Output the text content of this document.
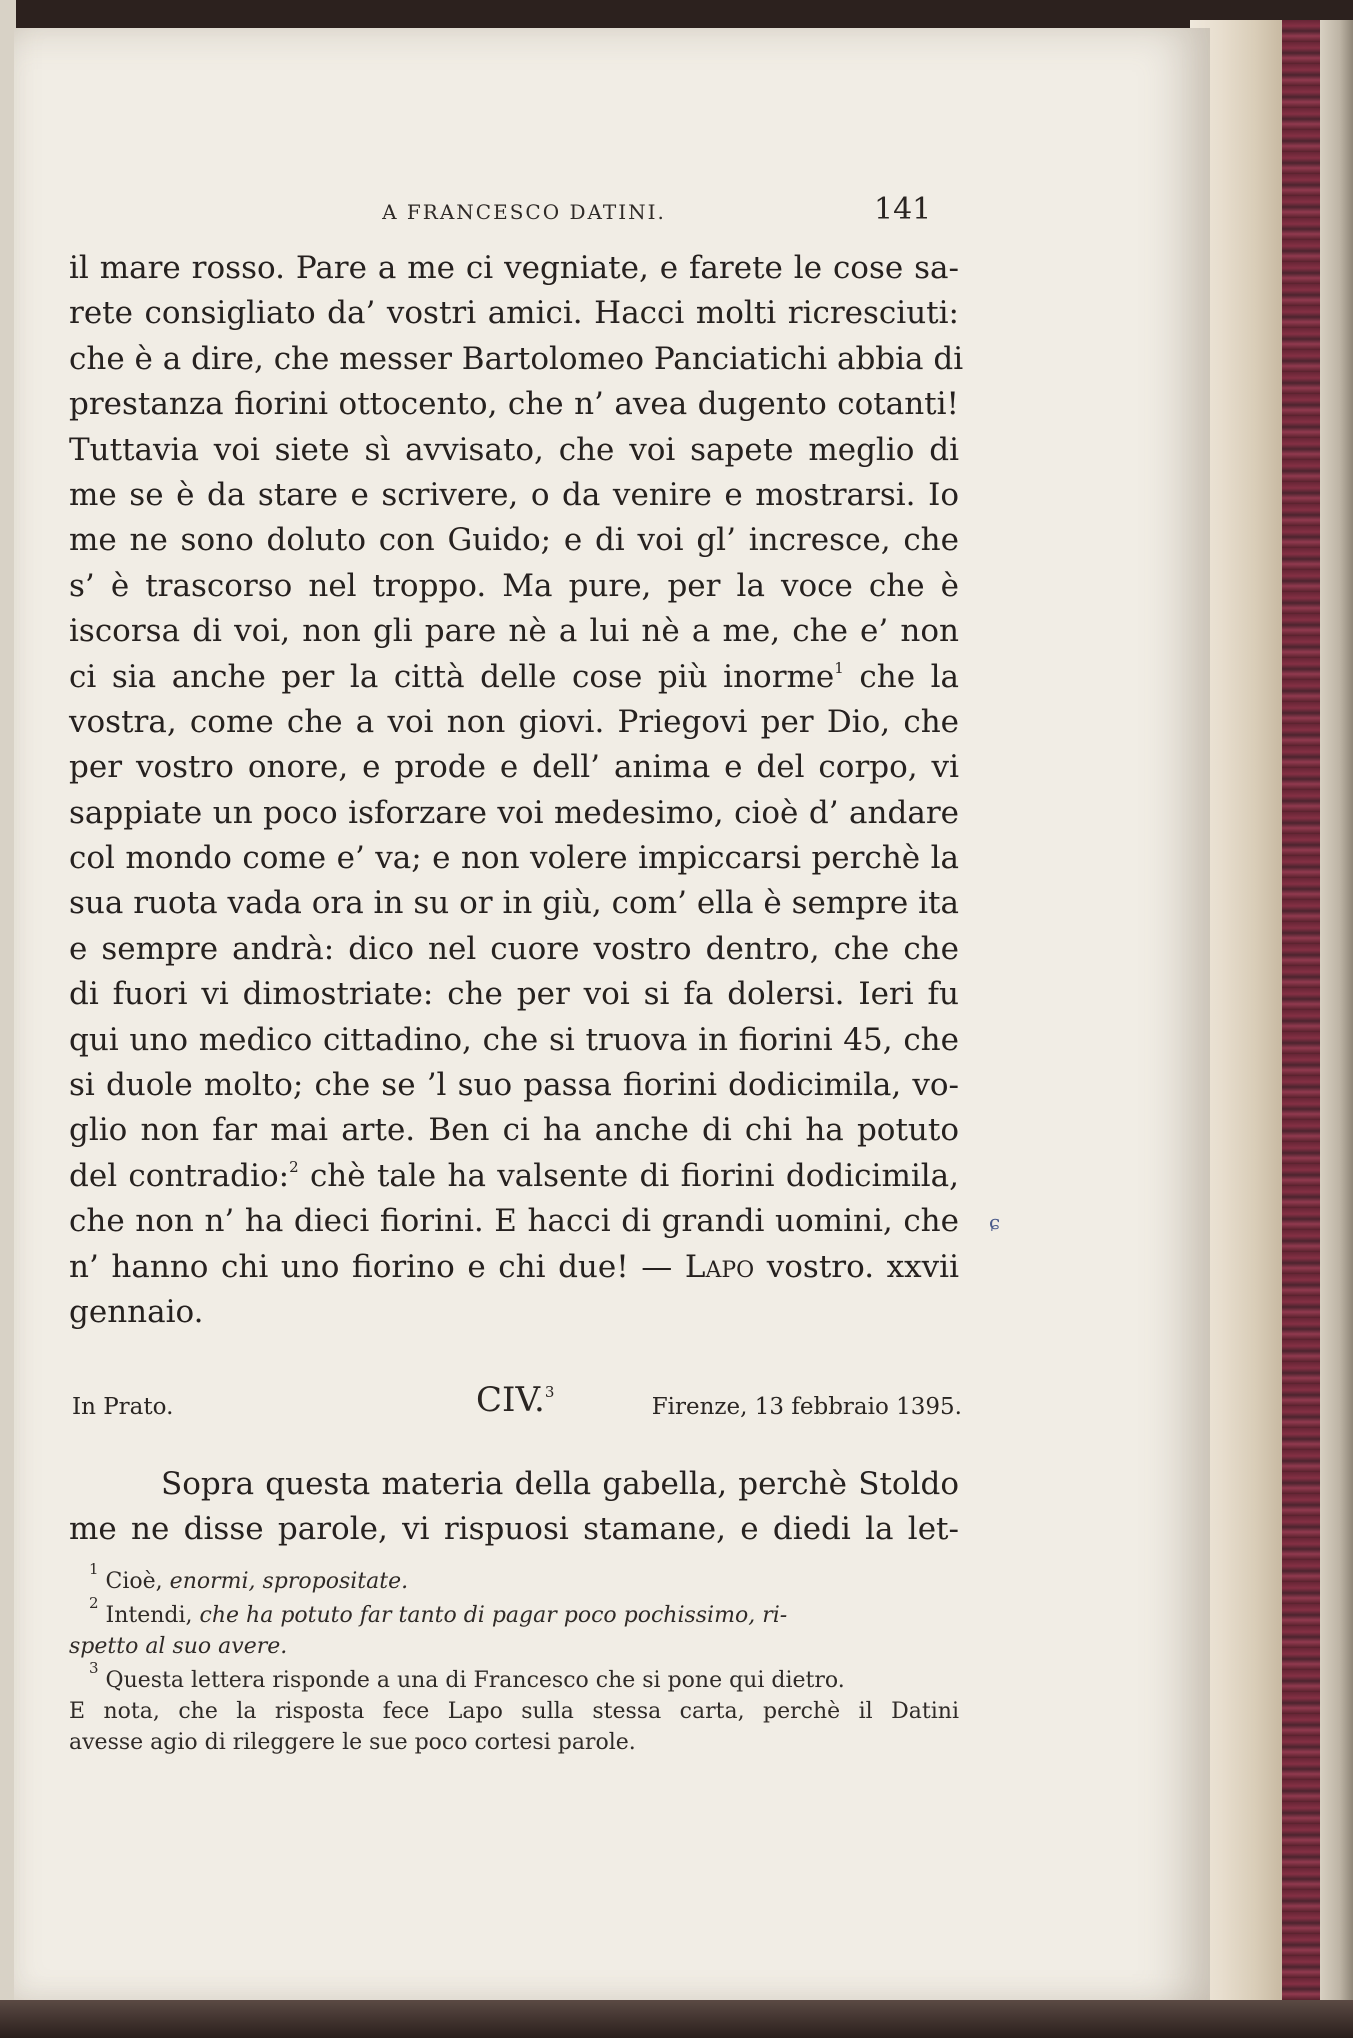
A FRANCESCO DATINI.	141
il mare rosso. Pare a me ci vegniate, e farete le cose sa-
rete consigliato da’ vostri amici. Hacci molti ricresciuti:
che è a dire, che messer Bartolomeo Panciatichi abbia di
prestanza fiorini ottocento, che n’ avea dugento cotanti!
Tuttavia voi siete sì avvisato, che voi sapete meglio di
me se è da stare e scrivere, o da venire e mostrarsi. Io
me ne sono doluto con Guido; e di voi gl’ incresce, che
s’ è trascorso nel troppo. Ma pure, per la voce che è
iscorsa di voi, non gli pare nè a lui nè a me, che e’ non
ci sia anche per la città delle cose più inorme$^1$ che la
vostra, come che a voi non giovi. Priegovi per Dio, che
per vostro onore, e prode e dell’ anima e del corpo, vi
sappiate un poco isforzare voi medesimo, cioè d’ andare
col mondo come e’ va; e non volere impiccarsi perchè la
sua ruota vada ora in su or in giù, com’ ella è sempre ita
e sempre andrà: dico nel cuore vostro dentro, che che
di fuori vi dimostriate: che per voi si fa dolersi. Ieri fu
qui uno medico cittadino, che si truova in fiorini 45, che
si duole molto; che se ’l suo passa fiorini dodicimila, vo-
glio non far mai arte. Ben ci ha anche di chi ha potuto
del contradio:$^2$ chè tale ha valsente di fiorini dodicimila,
che non n’ ha dieci fiorini. E hacci di grandi uomini, che
n’ hanno chi uno fiorino e chi due! — Lapo vostro. xxvii
gennaio.
ɕ
In Prato.	CIV.$^3$
Firenze, 13 febbraio 1395.
Sopra questa materia della gabella, perchè Stoldo
me ne disse parole, vi rispuosi stamane, e diedi la let-
$^1$ Cioè, enormi, spropositate.
$^2$ Intendi, che ha potuto far tanto di pagar poco pochissimo, ri-
spetto al suo avere.
$^3$ Questa lettera risponde a una di Francesco che si pone qui dietro.
E nota, che la risposta fece Lapo sulla stessa carta, perchè il Datini
avesse agio di rileggere le sue poco cortesi parole.
